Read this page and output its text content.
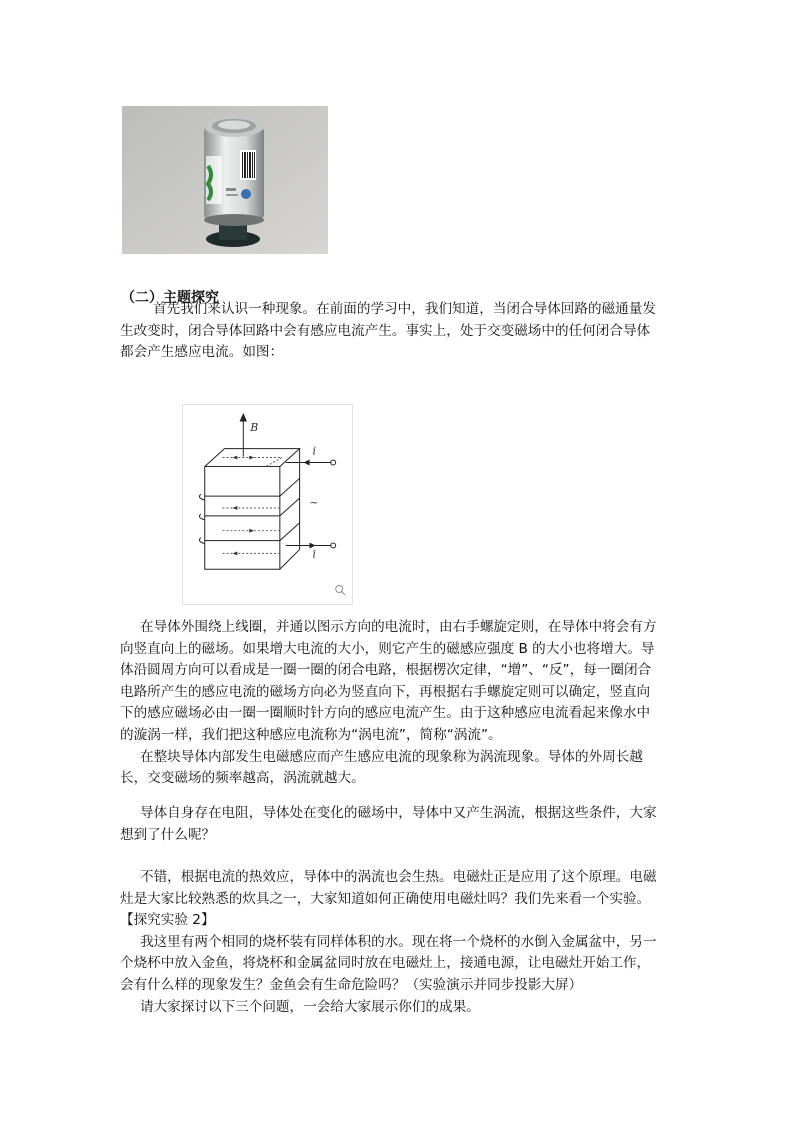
（二）主题探究
首先我们来认识一种现象。在前面的学习中，我们知道，当闭合导体回路的磁通量发
生改变时，闭合导体回路中会有感应电流产生。事实上，处于交变磁场中的任何闭合导体
都会产生感应电流。如图：
B
i
i
~
在导体外围绕上线圈，并通以图示方向的电流时，由右手螺旋定则，在导体中将会有方
向竖直向上的磁场。如果增大电流的大小，则它产生的磁感应强度 B 的大小也将增大。导
体沿圆周方向可以看成是一圈一圈的闭合电路，根据楞次定律，“增”、“反”，每一圈闭合
电路所产生的感应电流的磁场方向必为竖直向下，再根据右手螺旋定则可以确定，竖直向
下的感应磁场必由一圈一圈顺时针方向的感应电流产生。由于这种感应电流看起来像水中
的漩涡一样，我们把这种感应电流称为“涡电流”，简称“涡流”。
在整块导体内部发生电磁感应而产生感应电流的现象称为涡流现象。导体的外周长越
长，交变磁场的频率越高，涡流就越大。
导体自身存在电阻，导体处在变化的磁场中，导体中又产生涡流，根据这些条件，大家
想到了什么呢？
不错，根据电流的热效应，导体中的涡流也会生热。电磁灶正是应用了这个原理。电磁
灶是大家比较熟悉的炊具之一，大家知道如何正确使用电磁灶吗？我们先来看一个实验。
【探究实验 2】
我这里有两个相同的烧杯装有同样体积的水。现在将一个烧杯的水倒入金属盆中，另一
个烧杯中放入金鱼，将烧杯和金属盆同时放在电磁灶上，接通电源，让电磁灶开始工作，
会有什么样的现象发生？金鱼会有生命危险吗？（实验演示并同步投影大屏）
请大家探讨以下三个问题，一会给大家展示你们的成果。
